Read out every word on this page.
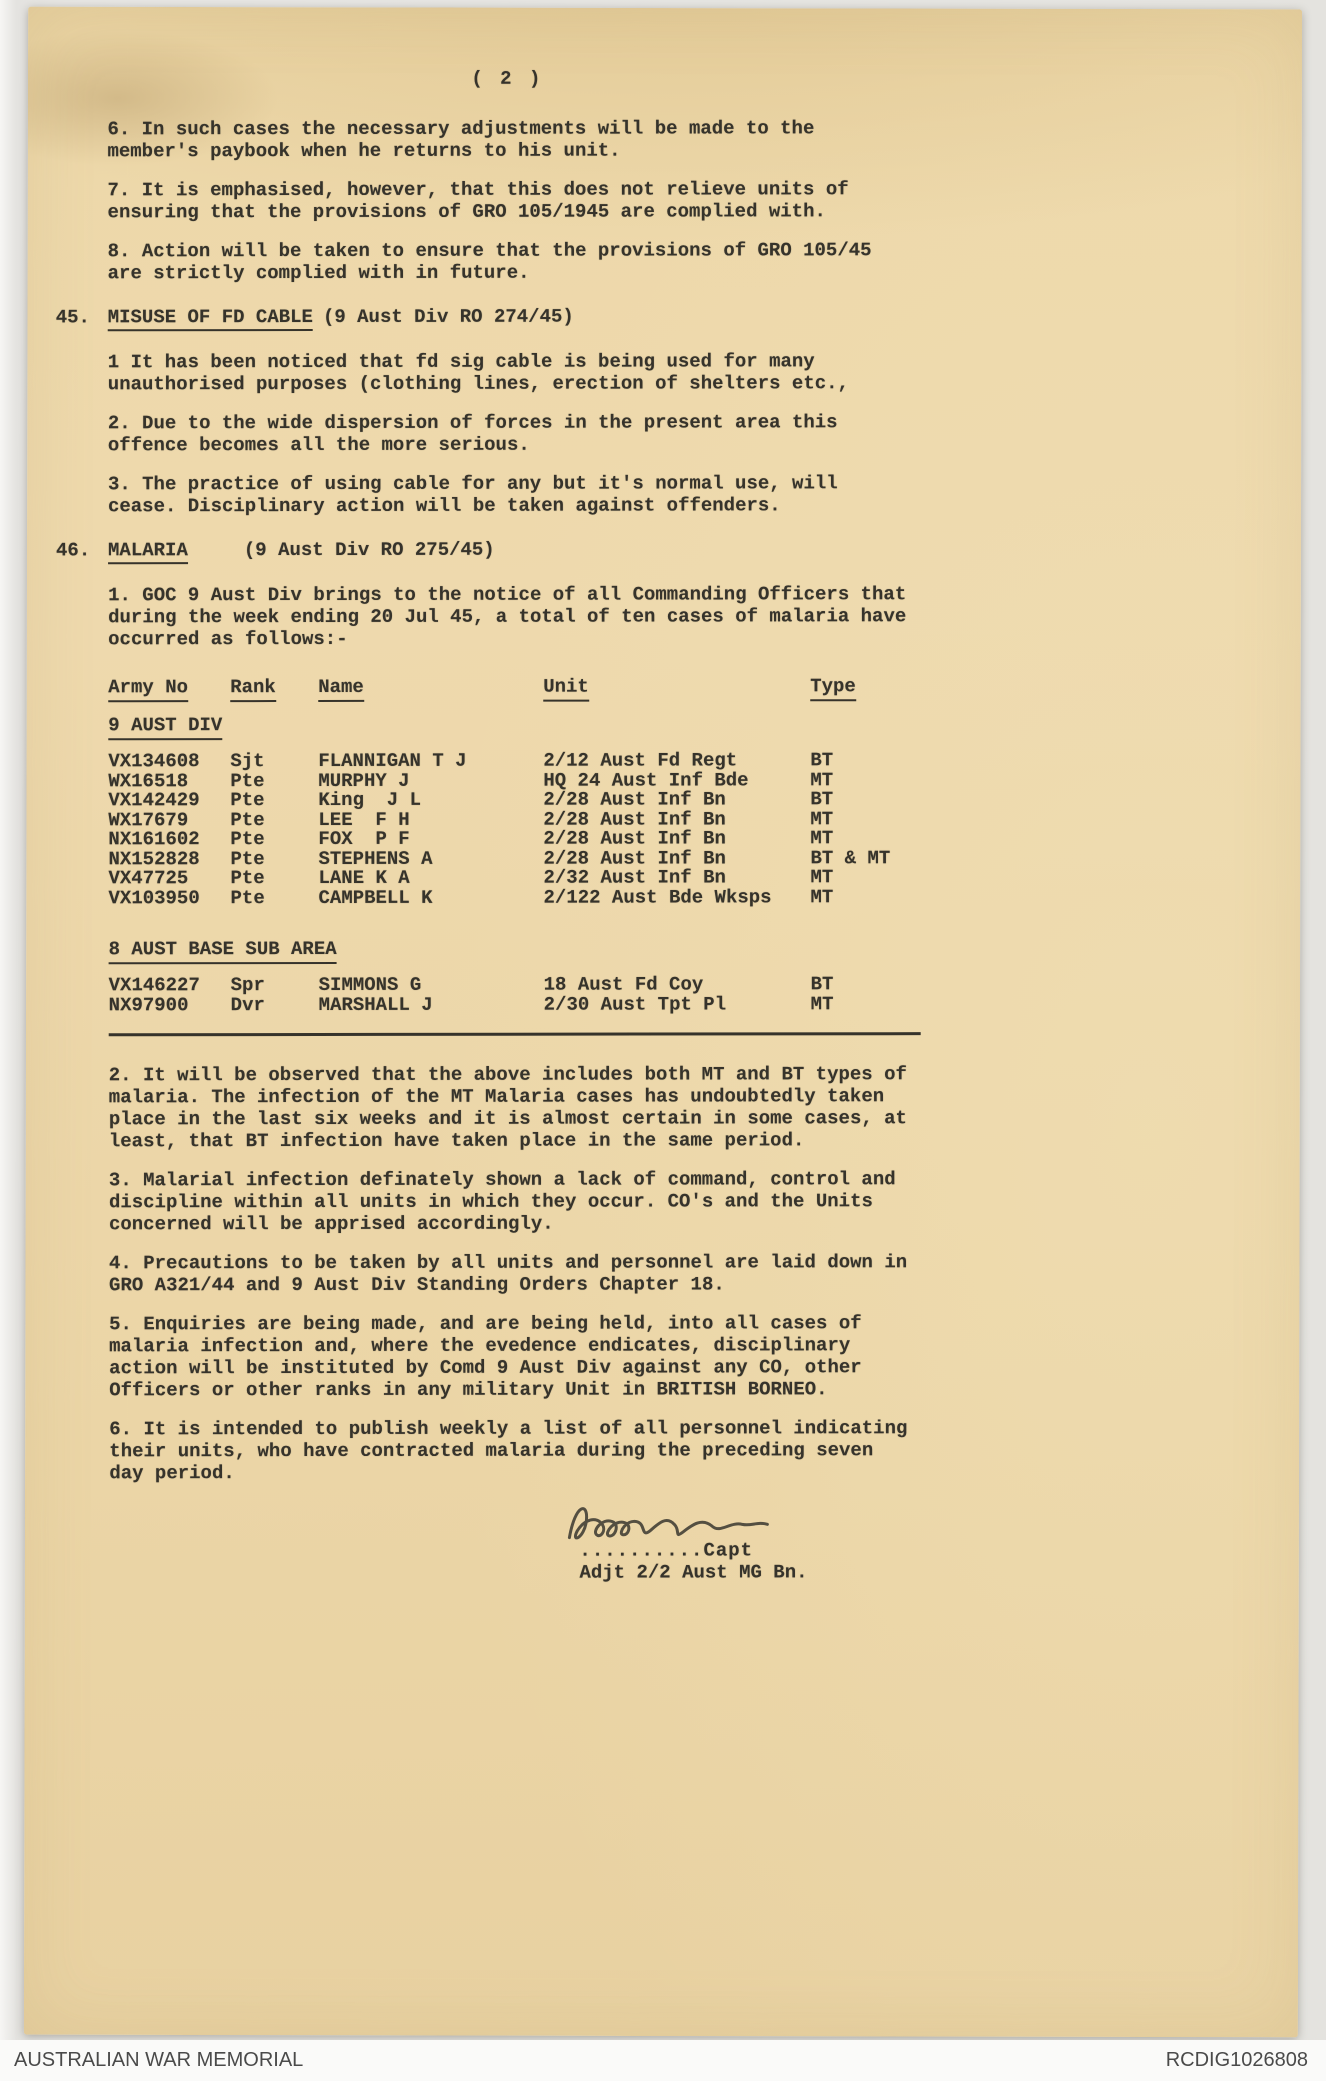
( 2 )

6. In such cases the necessary adjustments will be made to the member's paybook when he returns to his unit.

7. It is emphasised, however, that this does not relieve units of ensuring that the provisions of GRO 105/1945 are complied with.

8. Action will be taken to ensure that the provisions of GRO 105/45 are strictly complied with in future.

45. MISUSE OF FD CABLE (9 Aust Div RO 274/45)

1 It has been noticed that fd sig cable is being used for many unauthorised purposes (clothing lines, erection of shelters etc.,

2. Due to the wide dispersion of forces in the present area this offence becomes all the more serious.

3. The practice of using cable for any but it's normal use, will cease. Disciplinary action will be taken against offenders.

46. MALARIA	(9 Aust Div RO 275/45)

1. GOC 9 Aust Div brings to the notice of all Commanding Officers that during the week ending 20 Jul 45, a total of ten cases of malaria have occurred as follows:-

Army No Rank Name	Unit	Type
9 AUST DIV
VX134608	Sjt	FLANNIGAN T J	2/12 Aust Fd Regt	BT
WX16518	Pte	MURPHY J	HQ 24 Aust Inf Bde	MT
VX142429	Pte	King  J L	2/28 Aust Inf Bn	BT
WX17679	Pte	LEE  F H	2/28 Aust Inf Bn	MT
NX161602	Pte	FOX  P F	2/28 Aust Inf Bn	MT
NX152828	Pte	STEPHENS A	2/28 Aust Inf Bn	BT & MT
VX47725	Pte	LANE K A	2/32 Aust Inf Bn	MT
VX103950	Pte	CAMPBELL K	2/122 Aust Bde Wksps	MT
8 AUST BASE SUB AREA
VX146227	Spr	SIMMONS G	18 Aust Fd Coy	BT
NX97900	Dvr	MARSHALL J	2/30 Aust Tpt Pl	MT

2. It will be observed that the above includes both MT and BT types of malaria. The infection of the MT Malaria cases has undoubtedly taken place in the last six weeks and it is almost certain in some cases, at least, that BT infection have taken place in the same period.

3. Malarial infection definately shown a lack of command, control and discipline within all units in which they occur. CO's and the Units concerned will be apprised accordingly.

4. Precautions to be taken by all units and personnel are laid down in GRO A321/44 and 9 Aust Div Standing Orders Chapter 18.

5. Enquiries are being made, and are being held, into all cases of malaria infection and, where the evedence endicates, disciplinary action will be instituted by Comd 9 Aust Div against any CO, other Officers or other ranks in any military Unit in BRITISH BORNEO.

6. It is intended to publish weekly a list of all personnel indicating their units, who have contracted malaria during the preceding seven day period.

..........Capt
Adjt 2/2 Aust MG Bn.
AUSTRALIAN WAR MEMORIAL	RCDIG1026808
